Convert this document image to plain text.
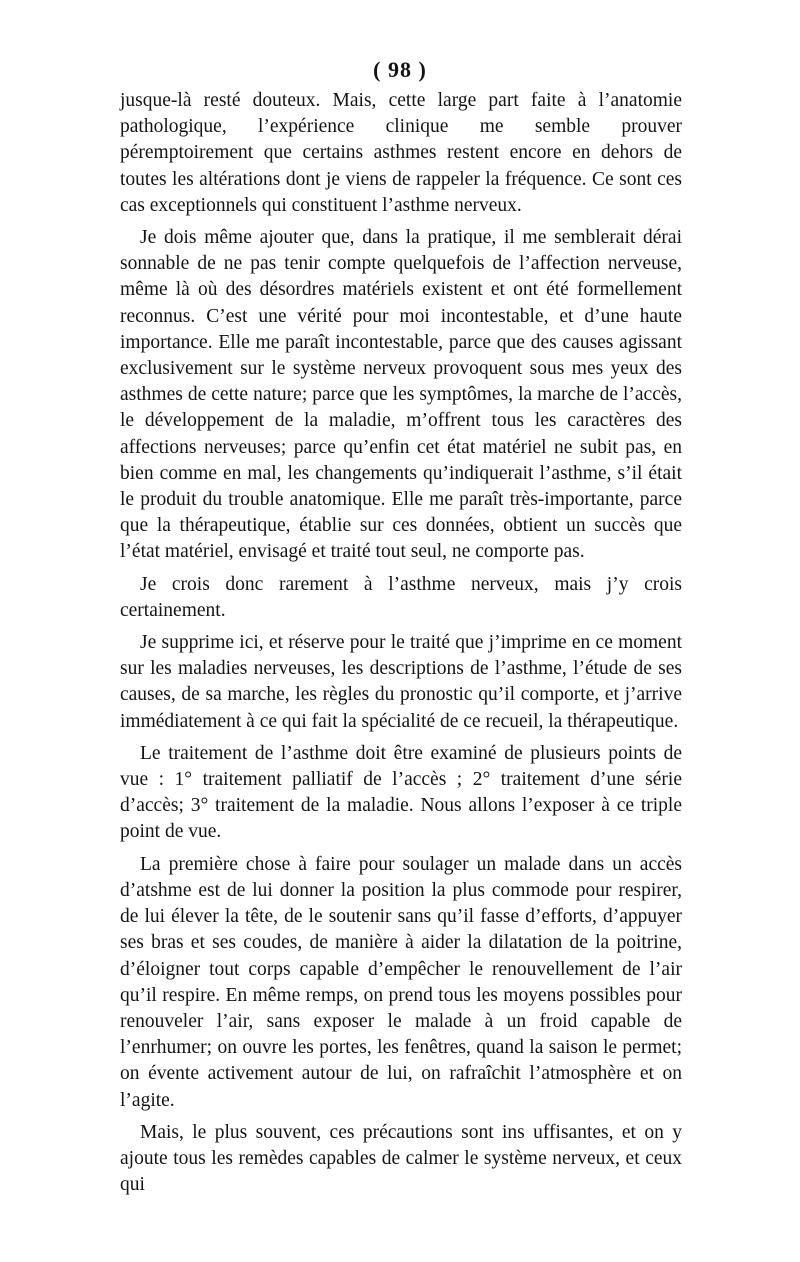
( 98 )

jusque-là resté douteux. Mais, cette large part faite à l’anatomie pathologique, l’expérience clinique me semble prouver péremptoirement que certains asthmes restent encore en dehors de toutes les altérations dont je viens de rappeler la fréquence. Ce sont ces cas exceptionnels qui constituent l’asthme nerveux.

Je dois même ajouter que, dans la pratique, il me semblerait dérai sonnable de ne pas tenir compte quelquefois de l’affection nerveuse, même là où des désordres matériels existent et ont été formellement reconnus. C’est une vérité pour moi incontestable, et d’une haute importance. Elle me paraît incontestable, parce que des causes agissant exclusivement sur le système nerveux provoquent sous mes yeux des asthmes de cette nature; parce que les symptômes, la marche de l’accès, le développement de la maladie, m’offrent tous les caractères des affections nerveuses; parce qu’enfin cet état matériel ne subit pas, en bien comme en mal, les changements qu’indiquerait l’asthme, s’il était le produit du trouble anatomique. Elle me paraît très-importante, parce que la thérapeutique, établie sur ces données, obtient un succès que l’état matériel, envisagé et traité tout seul, ne comporte pas.

Je crois donc rarement à l’asthme nerveux, mais j’y crois certainement.

Je supprime ici, et réserve pour le traité que j’imprime en ce moment sur les maladies nerveuses, les descriptions de l’asthme, l’étude de ses causes, de sa marche, les règles du pronostic qu’il comporte, et j’arrive immédiatement à ce qui fait la spécialité de ce recueil, la thérapeutique.

Le traitement de l’asthme doit être examiné de plusieurs points de vue : 1° traitement palliatif de l’accès ; 2° traitement d’une série d’accès; 3° traitement de la maladie. Nous allons l’exposer à ce triple point de vue.

La première chose à faire pour soulager un malade dans un accès d’atshme est de lui donner la position la plus commode pour respirer, de lui élever la tête, de le soutenir sans qu’il fasse d’efforts, d’appuyer ses bras et ses coudes, de manière à aider la dilatation de la poitrine, d’éloigner tout corps capable d’empêcher le renouvellement de l’air qu’il respire. En même remps, on prend tous les moyens possibles pour renouveler l’air, sans exposer le malade à un froid capable de l’enrhumer; on ouvre les portes, les fenêtres, quand la saison le permet; on évente activement autour de lui, on rafraîchit l’atmosphère et on l’agite.

Mais, le plus souvent, ces précautions sont ins uffisantes, et on y ajoute tous les remèdes capables de calmer le système nerveux, et ceux qui
